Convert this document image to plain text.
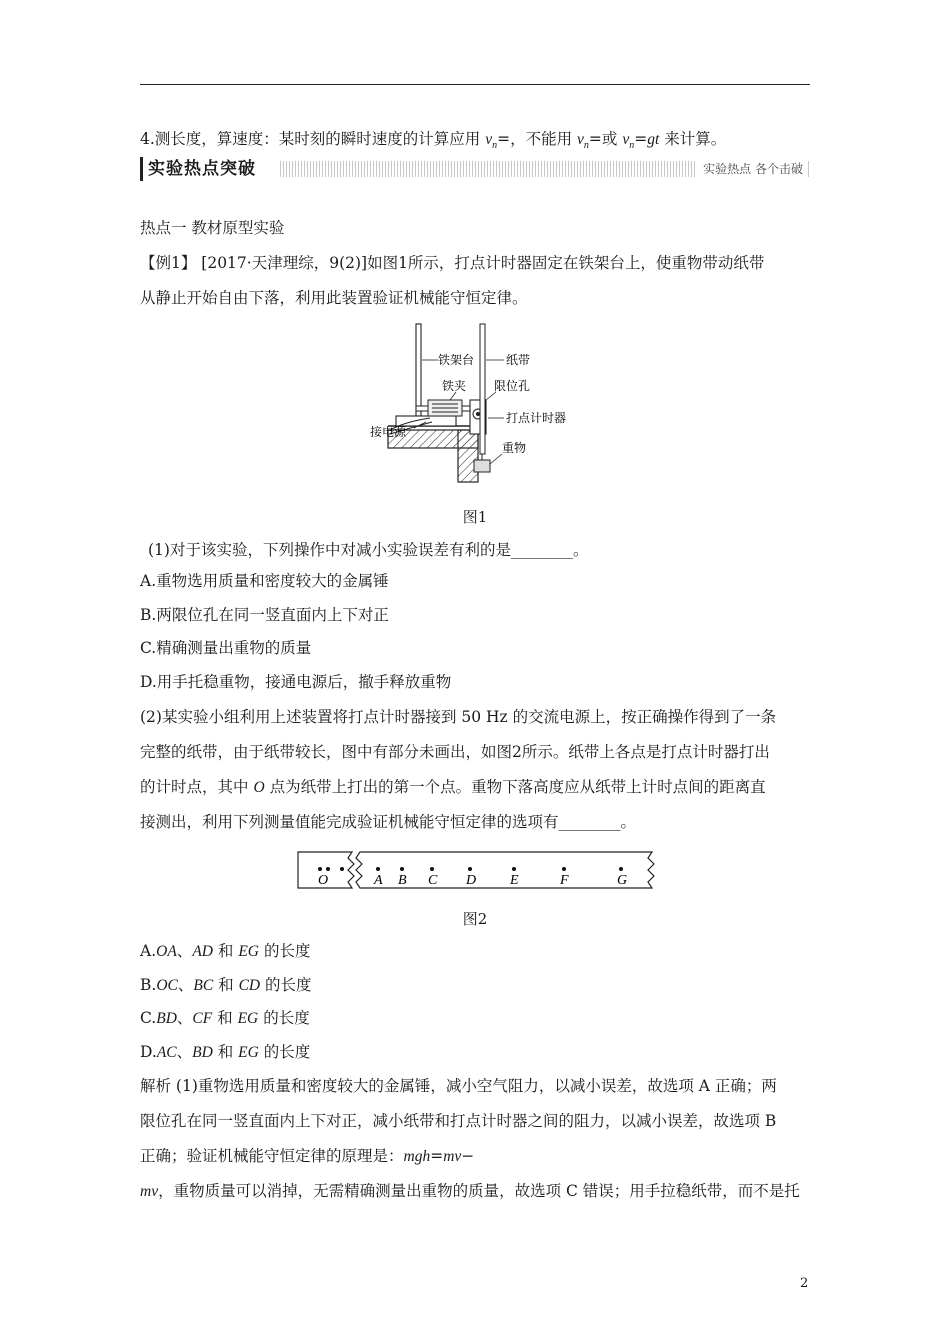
4.测长度，算速度：某时刻的瞬时速度的计算应用 $v_n=$，不能用 $v_n=$或 $v_n=gt$ 来计算。
实验热点突破	实验热点 各个击破
热点一 教材原型实验
【例1】 [2017·天津理综，9(2)]如图1所示，打点计时器固定在铁架台上，使重物带动纸带
从静止开始自由下落，利用此装置验证机械能守恒定律。
铁架台	纸带
铁夹 限位孔
打点计时器
接电源
重物
图1
(1)对于该实验，下列操作中对减小实验误差有利的是________。
A.重物选用质量和密度较大的金属锤
B.两限位孔在同一竖直面内上下对正
C.精确测量出重物的质量
D.用手托稳重物，接通电源后，撤手释放重物
(2)某实验小组利用上述装置将打点计时器接到 50 Hz 的交流电源上，按正确操作得到了一条
完整的纸带，由于纸带较长，图中有部分未画出，如图2所示。纸带上各点是打点计时器打出
的计时点，其中 O 点为纸带上打出的第一个点。重物下落高度应从纸带上计时点间的距离直
接测出，利用下列测量值能完成验证机械能守恒定律的选项有________。
O	A B C D E	F	G
图2
A.OA、AD 和 EG 的长度
B.OC、BC 和 CD 的长度
C.BD、CF 和 EG 的长度
D.AC、BD 和 EG 的长度
解析 (1)重物选用质量和密度较大的金属锤，减小空气阻力，以减小误差，故选项 A 正确；两
限位孔在同一竖直面内上下对正，减小纸带和打点计时器之间的阻力，以减小误差，故选项 B
正确；验证机械能守恒定律的原理是：mgh=mv−
mv，重物质量可以消掉，无需精确测量出重物的质量，故选项 C 错误；用手拉稳纸带，而不是托
2
